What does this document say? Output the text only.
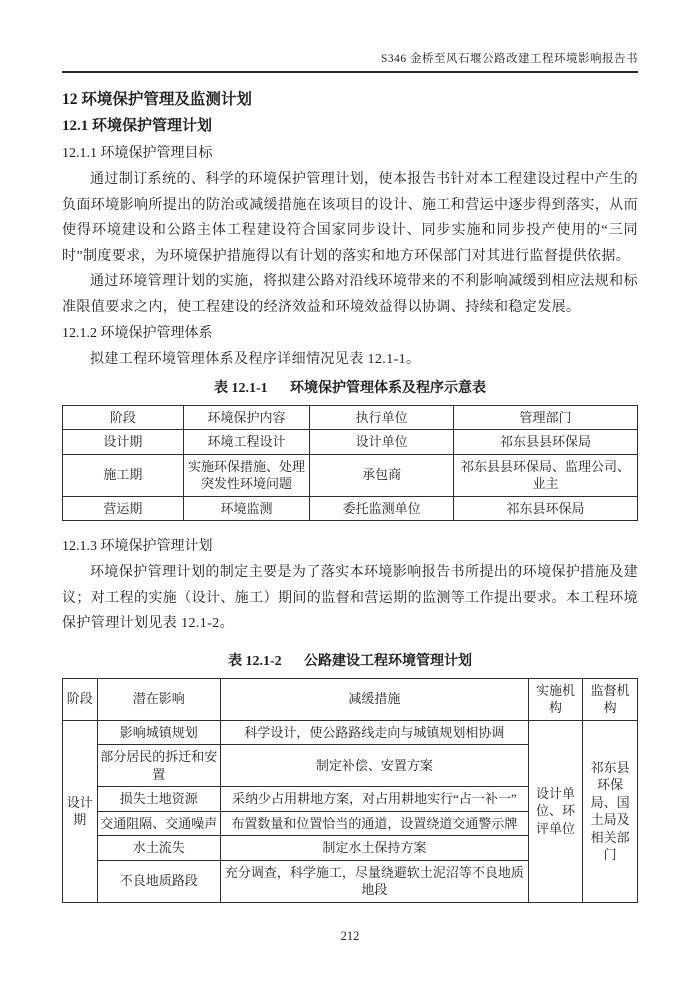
S346 金桥至风石堰公路改建工程环境影响报告书
12 环境保护管理及监测计划
12.1 环境保护管理计划
12.1.1 环境保护管理目标

通过制订系统的、科学的环境保护管理计划，使本报告书针对本工程建设过程中产生的负面环境影响所提出的防治或减缓措施在该项目的设计、施工和营运中逐步得到落实，从而使得环境建设和公路主体工程建设符合国家同步设计、同步实施和同步投产使用的“三同时”制度要求，为环境保护措施得以有计划的落实和地方环保部门对其进行监督提供依据。

通过环境管理计划的实施，将拟建公路对沿线环境带来的不利影响减缓到相应法规和标准限值要求之内，使工程建设的经济效益和环境效益得以协调、持续和稳定发展。

12.1.2 环境保护管理体系

拟建工程环境管理体系及程序详细情况见表 12.1-1。

表 12.1-1 环境保护管理体系及程序示意表
阶段	环境保护内容	执行单位	管理部门
设计期	环境工程设计	设计单位	祁东县县环保局
施工期	实施环保措施、处理突发性环境问题	承包商	祁东县县环保局、监理公司、业主
营运期	环境监测	委托监测单位	祁东县环保局
12.1.3 环境保护管理计划

环境保护管理计划的制定主要是为了落实本环境影响报告书所提出的环境保护措施及建议；对工程的实施（设计、施工）期间的监督和营运期的监测等工作提出要求。本工程环境保护管理计划见表 12.1-2。

表 12.1-2 公路建设工程环境管理计划
阶段	潜在影响	减缓措施	实施机构	监督机构
设计期	影响城镇规划	科学设计，使公路路线走向与城镇规划相协调	设计单位、环评单位	祁东县环保局、国土局及相关部门
	部分居民的拆迁和安置	制定补偿、安置方案		
	损失土地资源	采纳少占用耕地方案，对占用耕地实行“占一补一”		
	交通阻隔、交通噪声	布置数量和位置恰当的通道，设置绕道交通警示牌		
	水土流失	制定水土保持方案		
	不良地质路段	充分调查，科学施工，尽量绕避软土泥沼等不良地质地段		
212
